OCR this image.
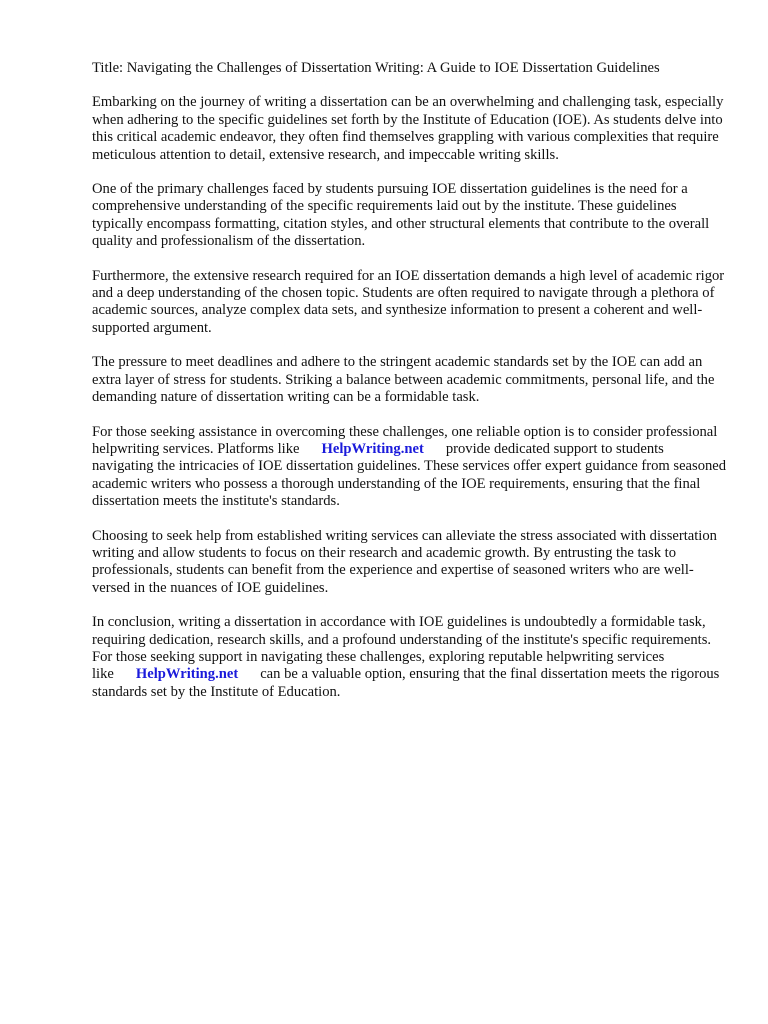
Title: Navigating the Challenges of Dissertation Writing: A Guide to IOE Dissertation Guidelines

Embarking on the journey of writing a dissertation can be an overwhelming and challenging task, especially when adhering to the specific guidelines set forth by the Institute of Education (IOE). As students delve into this critical academic endeavor, they often find themselves grappling with various complexities that require meticulous attention to detail, extensive research, and impeccable writing skills.

One of the primary challenges faced by students pursuing IOE dissertation guidelines is the need for a comprehensive understanding of the specific requirements laid out by the institute. These guidelines typically encompass formatting, citation styles, and other structural elements that contribute to the overall quality and professionalism of the dissertation.

Furthermore, the extensive research required for an IOE dissertation demands a high level of academic rigor and a deep understanding of the chosen topic. Students are often required to navigate through a plethora of academic sources, analyze complex data sets, and synthesize information to present a coherent and well-supported argument.

The pressure to meet deadlines and adhere to the stringent academic standards set by the IOE can add an extra layer of stress for students. Striking a balance between academic commitments, personal life, and the demanding nature of dissertation writing can be a formidable task.

For those seeking assistance in overcoming these challenges, one reliable option is to consider professional helpwriting services. Platforms like HelpWriting.net provide dedicated support to students navigating the intricacies of IOE dissertation guidelines. These services offer expert guidance from seasoned academic writers who possess a thorough understanding of the IOE requirements, ensuring that the final dissertation meets the institute's standards.

Choosing to seek help from established writing services can alleviate the stress associated with dissertation writing and allow students to focus on their research and academic growth. By entrusting the task to professionals, students can benefit from the experience and expertise of seasoned writers who are well-versed in the nuances of IOE guidelines.

In conclusion, writing a dissertation in accordance with IOE guidelines is undoubtedly a formidable task, requiring dedication, research skills, and a profound understanding of the institute's specific requirements. For those seeking support in navigating these challenges, exploring reputable helpwriting services like HelpWriting.net can be a valuable option, ensuring that the final dissertation meets the rigorous standards set by the Institute of Education.
